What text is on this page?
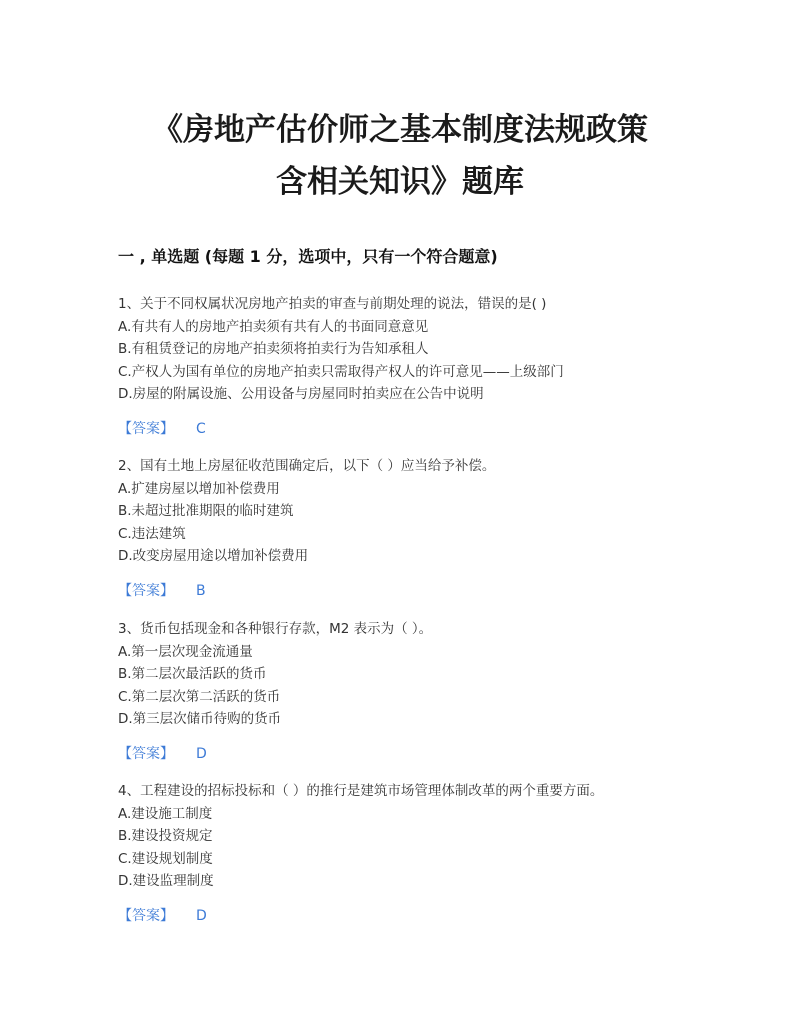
《房地产估价师之基本制度法规政策
含相关知识》题库
一 , 单选题 (每题 1 分，选项中，只有一个符合题意)
1、关于不同权属状况房地产拍卖的审查与前期处理的说法，错误的是( )
A.有共有人的房地产拍卖须有共有人的书面同意意见
B.有租赁登记的房地产拍卖须将拍卖行为告知承租人
C.产权人为国有单位的房地产拍卖只需取得产权人的许可意见——上级部门
D.房屋的附属设施、公用设备与房屋同时拍卖应在公告中说明
【答案】 C
2、国有土地上房屋征收范围确定后，以下（ ）应当给予补偿。
A.扩建房屋以增加补偿费用
B.未超过批准期限的临时建筑
C.违法建筑
D.改变房屋用途以增加补偿费用
【答案】 B
3、货币包括现金和各种银行存款，M2 表示为（ ）。
A.第一层次现金流通量
B.第二层次最活跃的货币
C.第二层次第二活跃的货币
D.第三层次储币待购的货币
【答案】 D
4、工程建设的招标投标和（ ）的推行是建筑市场管理体制改革的两个重要方面。
A.建设施工制度
B.建设投资规定
C.建设规划制度
D.建设监理制度
【答案】 D
